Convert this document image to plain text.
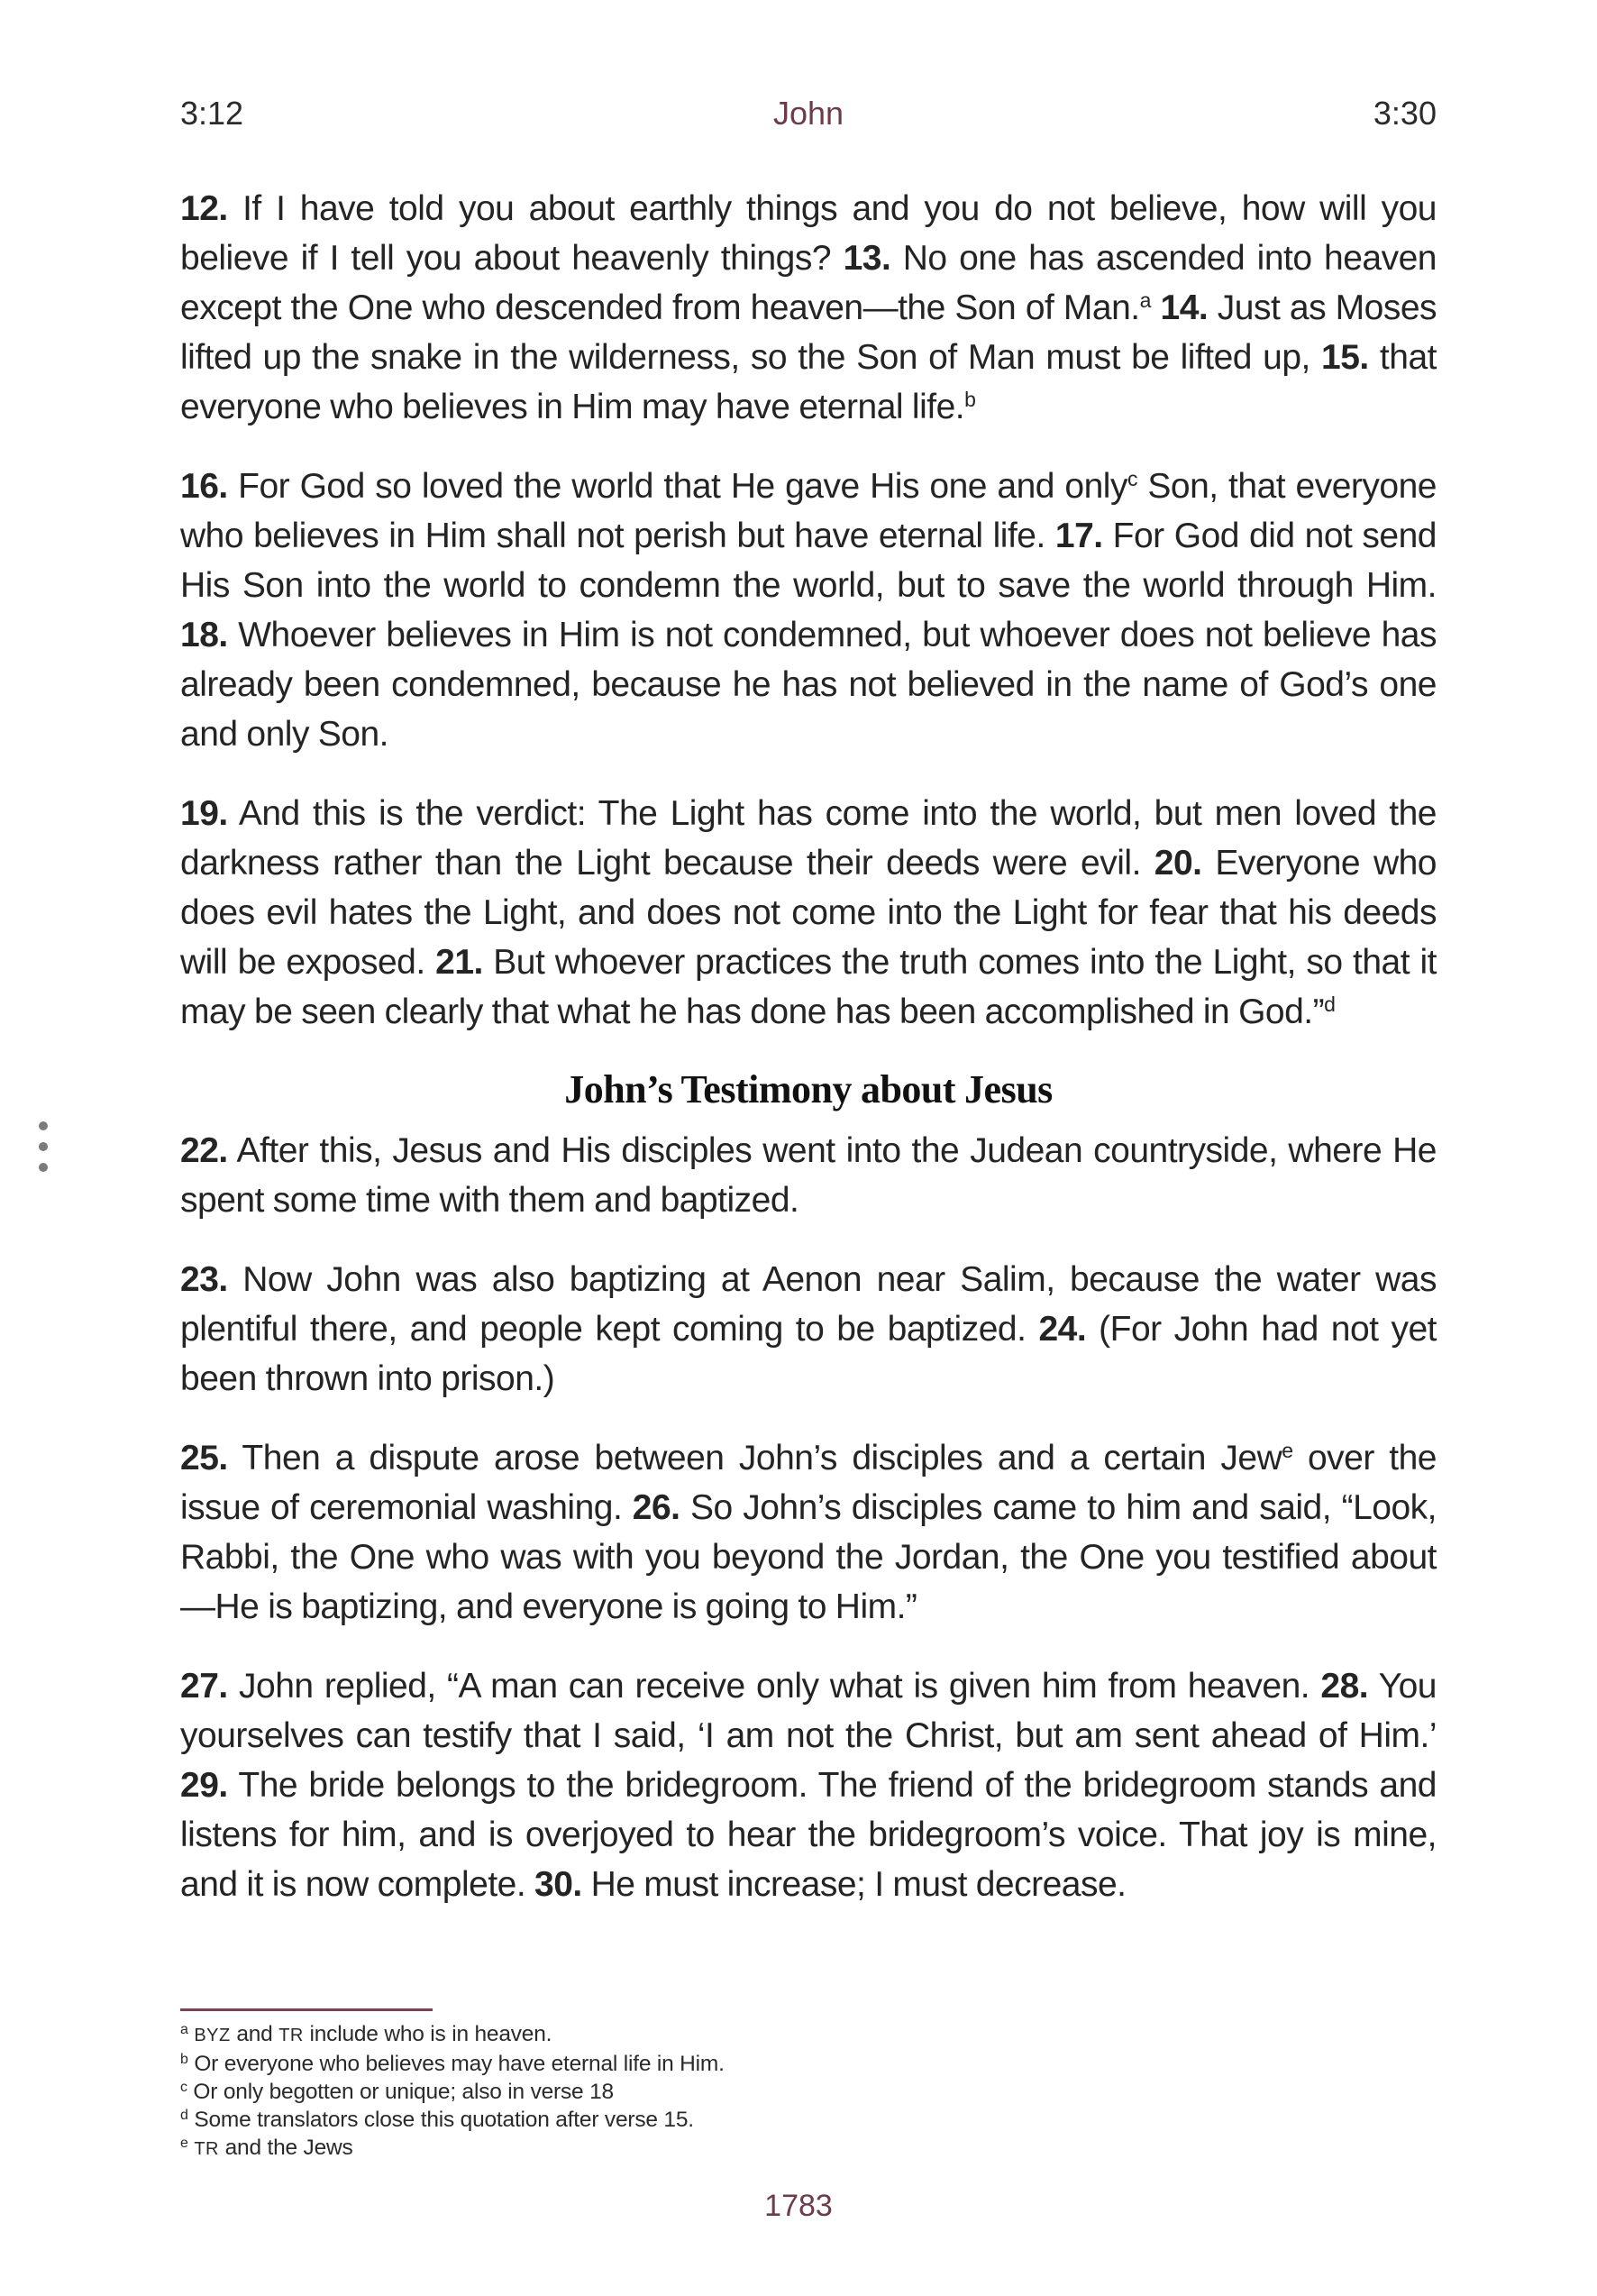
3:12	John	3:30

12. If I have told you about earthly things and you do not believe, how will you believe if I tell you about heavenly things? 13. No one has ascended into heaven except the One who descended from heaven—the Son of Man.$^a$ 14. Just as Moses lifted up the snake in the wilderness, so the Son of Man must be lifted up, 15. that everyone who believes in Him may have eternal life.$^b$

16. For God so loved the world that He gave His one and only$^c$ Son, that everyone who believes in Him shall not perish but have eternal life. 17. For God did not send His Son into the world to condemn the world, but to save the world through Him. 18. Whoever believes in Him is not condemned, but whoever does not believe has already been condemned, because he has not believed in the name of God’s one and only Son.

19. And this is the verdict: The Light has come into the world, but men loved the darkness rather than the Light because their deeds were evil. 20. Everyone who does evil hates the Light, and does not come into the Light for fear that his deeds will be exposed. 21. But whoever practices the truth comes into the Light, so that it may be seen clearly that what he has done has been accomplished in God.”$^d$

John’s Testimony about Jesus

22. After this, Jesus and His disciples went into the Judean countryside, where He spent some time with them and baptized.

23. Now John was also baptizing at Aenon near Salim, because the water was plentiful there, and people kept coming to be baptized. 24. (For John had not yet been thrown into prison.)

25. Then a dispute arose between John’s disciples and a certain Jew$^e$ over the issue of ceremonial washing. 26. So John’s disciples came to him and said, “Look, Rabbi, the One who was with you beyond the Jordan, the One you testified about —He is baptizing, and everyone is going to Him.”

27. John replied, “A man can receive only what is given him from heaven. 28. You yourselves can testify that I said, ‘I am not the Christ, but am sent ahead of Him.’ 29. The bride belongs to the bridegroom. The friend of the bridegroom stands and listens for him, and is overjoyed to hear the bridegroom’s voice. That joy is mine, and it is now complete. 30. He must increase; I must decrease.

$^a$ BYZ and TR include who is in heaven.
$^b$ Or everyone who believes may have eternal life in Him.
$^c$ Or only begotten or unique; also in verse 18
$^d$ Some translators close this quotation after verse 15.
$^e$ TR and the Jews
1783
